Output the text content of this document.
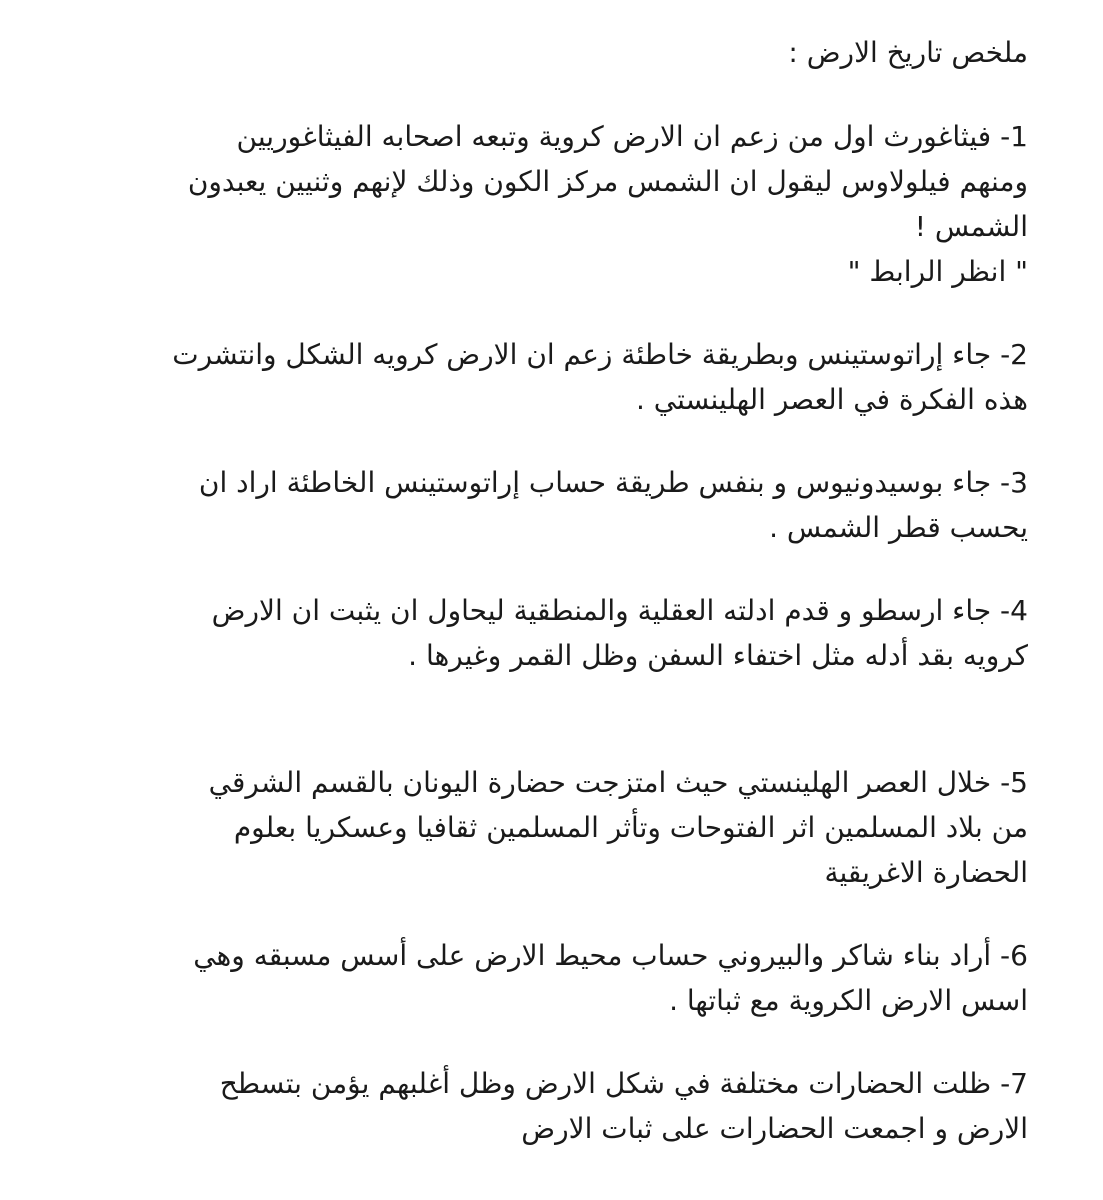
ملخص تاريخ الارض :

1- فيثاغورث اول من زعم ان الارض كروية وتبعه اصحابه الفيثاغوريين
ومنهم فيلولاوس ليقول ان الشمس مركز الكون وذلك لإنهم وثنيين يعبدون
الشمس !
" انظر الرابط "

2- جاء إراتوستينس وبطريقة خاطئة زعم ان الارض كرويه الشكل وانتشرت
هذه الفكرة في العصر الهلينستي .

3- جاء بوسيدونيوس و بنفس طريقة حساب إراتوستينس الخاطئة اراد ان
يحسب قطر الشمس .

4- جاء ارسطو و قدم ادلته العقلية والمنطقية ليحاول ان يثبت ان الارض
كرويه بقد أدله مثل اختفاء السفن وظل القمر وغيرها .

5- خلال العصر الهلينستي حيث امتزجت حضارة اليونان بالقسم الشرقي
من بلاد المسلمين اثر الفتوحات وتأثر المسلمين ثقافيا وعسكريا بعلوم
الحضارة الاغريقية

6- أراد بناء شاكر والبيروني حساب محيط الارض على أسس مسبقه وهي
اسس الارض الكروية مع ثباتها .

7- ظلت الحضارات مختلفة في شكل الارض وظل أغلبهم يؤمن بتسطح
الارض و اجمعت الحضارات على ثبات الارض
